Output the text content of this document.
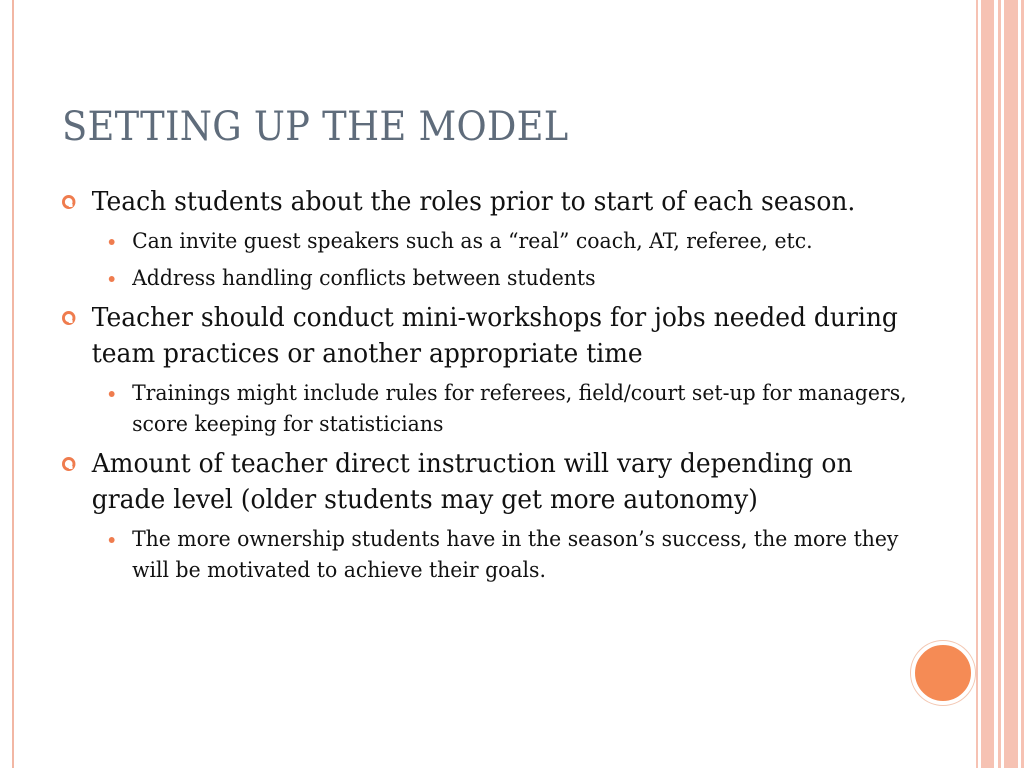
SETTING UP THE MODEL
Teach students about the roles prior to start of each season.
Can invite guest speakers such as a “real” coach, AT, referee, etc.
Address handling conflicts between students
Teacher should conduct mini-workshops for jobs needed during team practices or another appropriate time
Trainings might include rules for referees, field/court set-up for managers, score keeping for statisticians
Amount of teacher direct instruction will vary depending on grade level (older students may get more autonomy)
The more ownership students have in the season’s success, the more they will be motivated to achieve their goals.
